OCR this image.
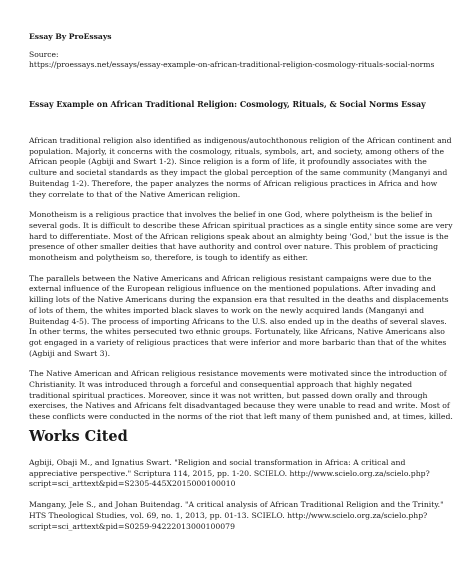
Essay By ProEssays
Source:
https://proessays.net/essays/essay-example-on-african-traditional-religion-cosmology-rituals-social-norms
Essay Example on African Traditional Religion: Cosmology, Rituals, & Social Norms Essay

African traditional religion also identified as indigenous/autochthonous religion of the African continent and population. Majorly, it concerns with the cosmology, rituals, symbols, art, and society, among others of the African people (Agbiji and Swart 1-2). Since religion is a form of life, it profoundly associates with the culture and societal standards as they impact the global perception of the same community (Manganyi and Buitendag 1-2). Therefore, the paper analyzes the norms of African religious practices in Africa and how they correlate to that of the Native American religion.

Monotheism is a religious practice that involves the belief in one God, where polytheism is the belief in several gods. It is difficult to describe these African spiritual practices as a single entity since some are very hard to differentiate. Most of the African religions speak about an almighty being 'God,' but the issue is the presence of other smaller deities that have authority and control over nature. This problem of practicing monotheism and polytheism so, therefore, is tough to identify as either.

The parallels between the Native Americans and African religious resistant campaigns were due to the external influence of the European religious influence on the mentioned populations. After invading and killing lots of the Native Americans during the expansion era that resulted in the deaths and displacements of lots of them, the whites imported black slaves to work on the newly acquired lands (Manganyi and Buitendag 4-5). The process of importing Africans to the U.S. also ended up in the deaths of several slaves. In other terms, the whites persecuted two ethnic groups. Fortunately, like Africans, Native Americans also got engaged in a variety of religious practices that were inferior and more barbaric than that of the whites (Agbiji and Swart 3).

The Native American and African religious resistance movements were motivated since the introduction of Christianity. It was introduced through a forceful and consequential approach that highly negated traditional spiritual practices. Moreover, since it was not written, but passed down orally and through exercises, the Natives and Africans felt disadvantaged because they were unable to read and write. Most of these conflicts were conducted in the norms of the riot that left many of them punished and, at times, killed.

Works Cited

Agbiji, Obaji M., and Ignatius Swart. "Religion and social transformation in Africa: A critical and appreciative perspective." Scriptura 114, 2015, pp. 1-20. SCIELO. http://www.scielo.org.za/scielo.php?script=sci_arttext&pid=S2305-445X2015000100010

Mangany, Jele S., and Johan Buitendag. "A critical analysis of African Traditional Religion and the Trinity." HTS Theological Studies, vol. 69, no. 1, 2013, pp. 01-13. SCIELO. http://www.scielo.org.za/scielo.php?script=sci_arttext&pid=S0259-94222013000100079
